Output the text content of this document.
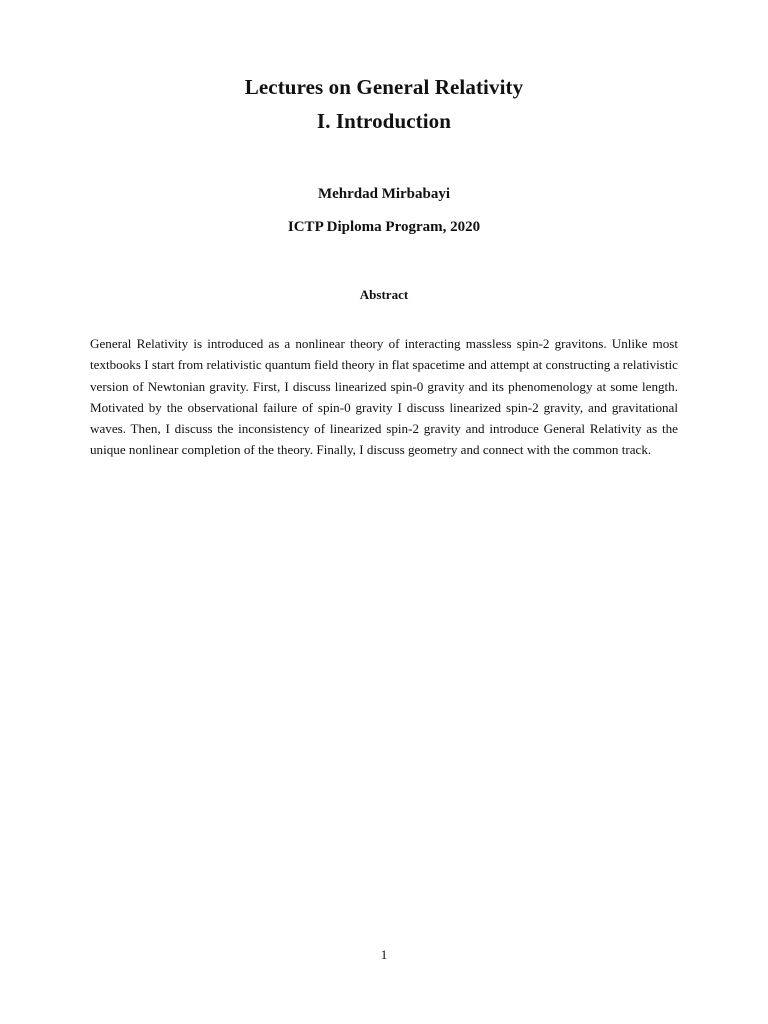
Lectures on General Relativity
I. Introduction
Mehrdad Mirbabayi
ICTP Diploma Program, 2020
Abstract
General Relativity is introduced as a nonlinear theory of interacting massless spin-2 gravitons. Unlike most textbooks I start from relativistic quantum field theory in flat spacetime and attempt at constructing a relativistic version of Newtonian gravity. First, I discuss linearized spin-0 gravity and its phenomenology at some length. Motivated by the observational failure of spin-0 gravity I discuss linearized spin-2 gravity, and gravitational waves. Then, I discuss the inconsistency of linearized spin-2 gravity and introduce General Relativity as the unique nonlinear completion of the theory. Finally, I discuss geometry and connect with the common track.
1
